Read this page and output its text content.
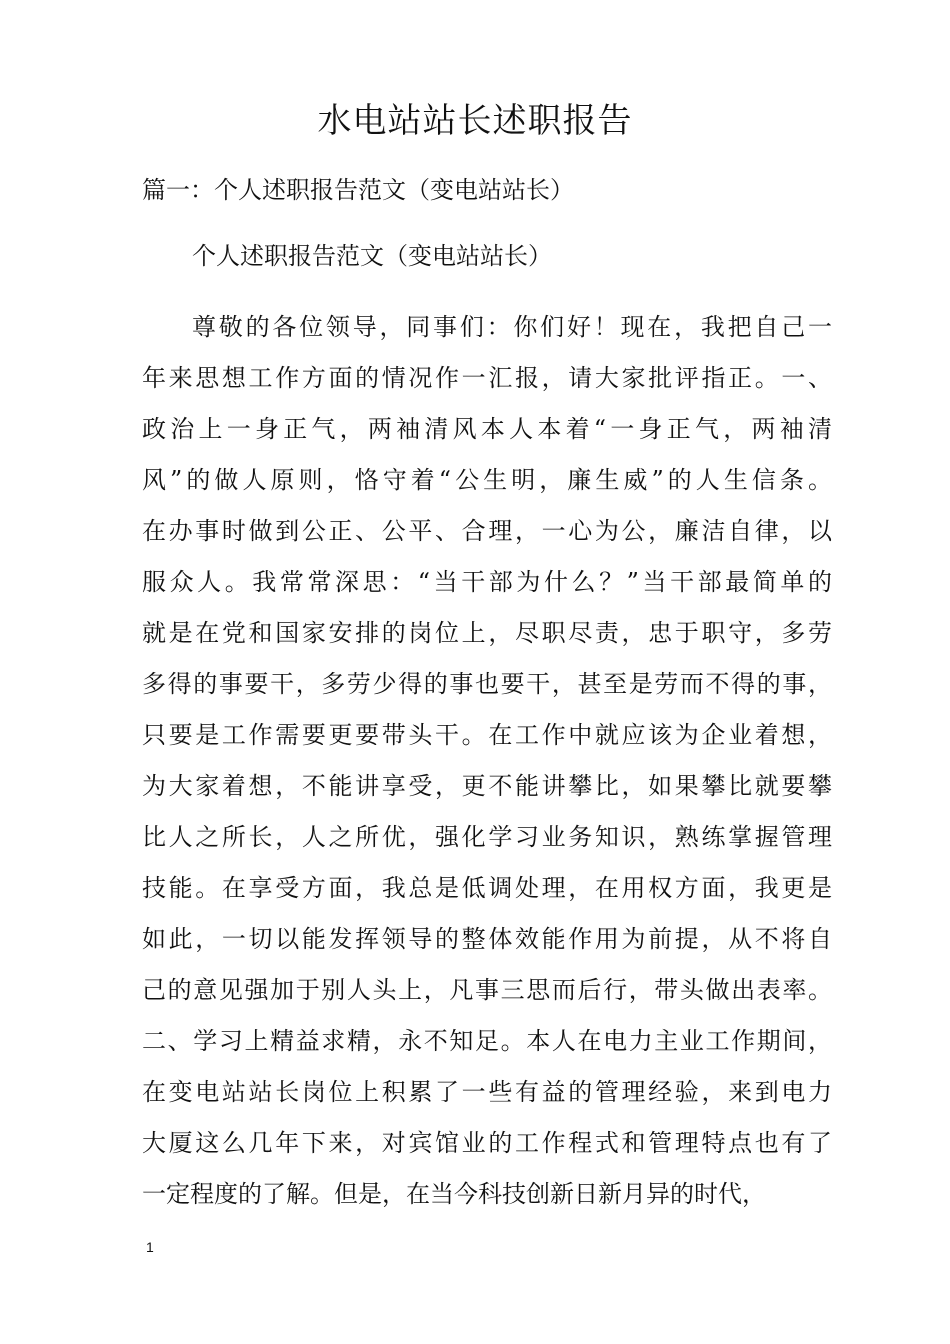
水电站站长述职报告
篇一：个人述职报告范文（变电站站长）
个人述职报告范文（变电站站长）
尊敬的各位领导，同事们：你们好！现在，我把自己一
年来思想工作方面的情况作一汇报，请大家批评指正。一、
政治上一身正气，两袖清风本人本着“一身正气，两袖清
风”的做人原则，恪守着“公生明，廉生威”的人生信条。
在办事时做到公正、公平、合理，一心为公，廉洁自律，以
服众人。我常常深思：“当干部为什么？”当干部最简单的
就是在党和国家安排的岗位上，尽职尽责，忠于职守，多劳
多得的事要干，多劳少得的事也要干，甚至是劳而不得的事，
只要是工作需要更要带头干。在工作中就应该为企业着想，
为大家着想，不能讲享受，更不能讲攀比，如果攀比就要攀
比人之所长，人之所优，强化学习业务知识，熟练掌握管理
技能。在享受方面，我总是低调处理，在用权方面，我更是
如此，一切以能发挥领导的整体效能作用为前提，从不将自
己的意见强加于别人头上，凡事三思而后行，带头做出表率。
二、学习上精益求精，永不知足。本人在电力主业工作期间，
在变电站站长岗位上积累了一些有益的管理经验，来到电力
大厦这么几年下来，对宾馆业的工作程式和管理特点也有了
一定程度的了解。但是，在当今科技创新日新月异的时代，
1
